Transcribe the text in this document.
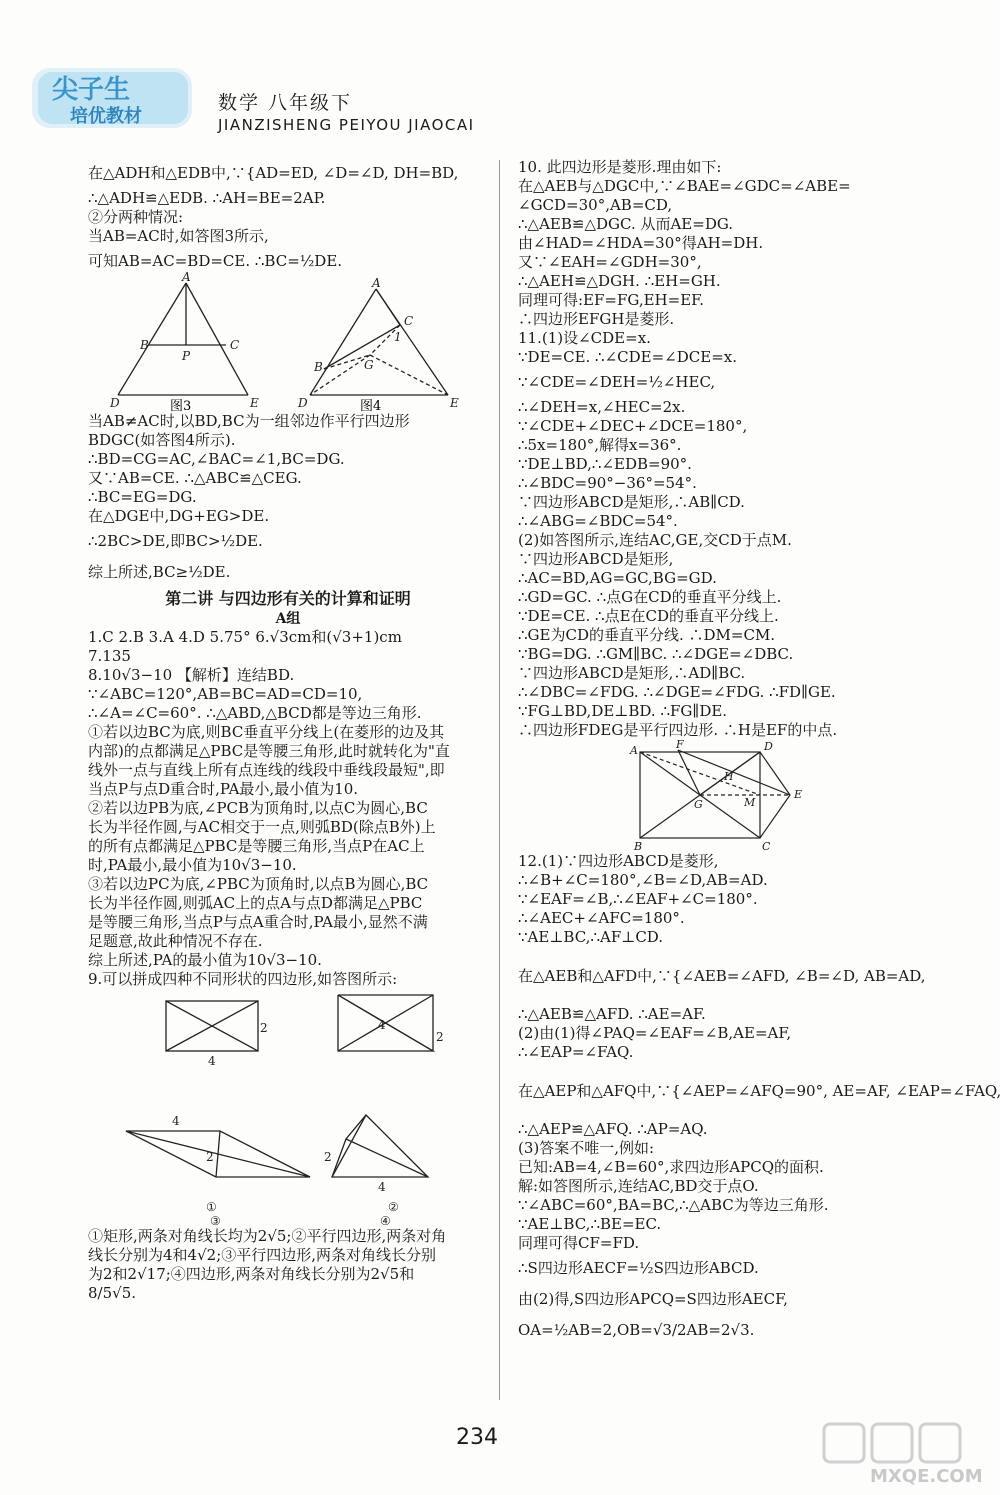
尖子生
培优教材
数学 八年级下
JIANZISHENG PEIYOU JIAOCAI
在△ADH和△EDB中,∵{AD=ED, ∠D=∠D, DH=BD,
∴△ADH≌△EDB. ∴AH=BE=2AP.
②分两种情况:
当AB=AC时,如答图3所示,
可知AB=AC=BD=CE. ∴BC=½DE.
A
B	C
P
D	E
图3
A
B
C
1
G
D	E
图4
当AB≠AC时,以BD,BC为一组邻边作平行四边形
BDGC(如答图4所示).
∴BD=CG=AC,∠BAC=∠1,BC=DG.
又∵AB=CE. ∴△ABC≌△CEG.
∴BC=EG=DG.
在△DGE中,DG+EG>DE.
∴2BC>DE,即BC>½DE.
综上所述,BC≥½DE.
第二讲 与四边形有关的计算和证明
A组
1.C 2.B 3.A 4.D 5.75° 6.√3cm和(√3+1)cm
7.135
8.10√3−10 【解析】连结BD.
∵∠ABC=120°,AB=BC=AD=CD=10,
∴∠A=∠C=60°. ∴△ABD,△BCD都是等边三角形.
①若以边BC为底,则BC垂直平分线上(在菱形的边及其
内部)的点都满足△PBC是等腰三角形,此时就转化为"直
线外一点与直线上所有点连线的线段中垂线段最短",即
当点P与点D重合时,PA最小,最小值为10.
②若以边PB为底,∠PCB为顶角时,以点C为圆心,BC
长为半径作圆,与AC相交于一点,则弧BD(除点B外)上
的所有点都满足△PBC是等腰三角形,当点P在AC上
时,PA最小,最小值为10√3−10.
③若以边PC为底,∠PBC为顶角时,以点B为圆心,BC
长为半径作圆,则弧AC上的点A与点D都满足△PBC
是等腰三角形,当点P与点A重合时,PA最小,显然不满
足题意,故此种情况不存在.
综上所述,PA的最小值为10√3−10.
9.可以拼成四种不同形状的四边形,如答图所示:
2
4
①
4
2
②
4
2
③
2
4
④
①矩形,两条对角线长均为2√5;②平行四边形,两条对角
线长分别为4和4√2;③平行四边形,两条对角线长分别
为2和2√17;④四边形,两条对角线长分别为2√5和
8/5√5.
10. 此四边形是菱形.理由如下:
在△AEB与△DGC中,∵∠BAE=∠GDC=∠ABE=
∠GCD=30°,AB=CD,
∴△AEB≌△DGC. 从而AE=DG.
由∠HAD=∠HDA=30°得AH=DH.
又∵∠EAH=∠GDH=30°,
∴△AEH≌△DGH. ∴EH=GH.
同理可得:EF=FG,EH=EF.
∴四边形EFGH是菱形.
11.(1)设∠CDE=x.
∵DE=CE. ∴∠CDE=∠DCE=x.
∵∠CDE=∠DEH=½∠HEC,
∴∠DEH=x,∠HEC=2x.
∵∠CDE+∠DEC+∠DCE=180°,
∴5x=180°,解得x=36°.
∵DE⊥BD,∴∠EDB=90°.
∴∠BDC=90°−36°=54°.
∵四边形ABCD是矩形,∴AB∥CD.
∴∠ABG=∠BDC=54°.
(2)如答图所示,连结AC,GE,交CD于点M.
∵四边形ABCD是矩形,
∴AC=BD,AG=GC,BG=GD.
∴GD=GC. ∴点G在CD的垂直平分线上.
∵DE=CE. ∴点E在CD的垂直平分线上.
∴GE为CD的垂直平分线. ∴DM=CM.
∵BG=DG. ∴GM∥BC. ∴∠DGE=∠DBC.
∵四边形ABCD是矩形,∴AD∥BC.
∴∠DBC=∠FDG. ∴∠DGE=∠FDG. ∴FD∥GE.
∵FG⊥BD,DE⊥BD. ∴FG∥DE.
∴四边形FDEG是平行四边形. ∴H是EF的中点.
A	F	D
H
E
G	M
B	C
12.(1)∵四边形ABCD是菱形,
∴∠B+∠C=180°,∠B=∠D,AB=AD.
∵∠EAF=∠B,∴∠EAF+∠C=180°.
∴∠AEC+∠AFC=180°.
∵AE⊥BC,∴AF⊥CD.
在△AEB和△AFD中,∵{∠AEB=∠AFD, ∠B=∠D, AB=AD,
∴△AEB≌△AFD. ∴AE=AF.
(2)由(1)得∠PAQ=∠EAF=∠B,AE=AF,
∴∠EAP=∠FAQ.
在△AEP和△AFQ中,∵{∠AEP=∠AFQ=90°, AE=AF, ∠EAP=∠FAQ,
∴△AEP≌△AFQ. ∴AP=AQ.
(3)答案不唯一,例如:
已知:AB=4,∠B=60°,求四边形APCQ的面积.
解:如答图所示,连结AC,BD交于点O.
∵∠ABC=60°,BA=BC,∴△ABC为等边三角形.
∵AE⊥BC,∴BE=EC.
同理可得CF=FD.
∴S四边形AECF=½S四边形ABCD.
由(2)得,S四边形APCQ=S四边形AECF,
OA=½AB=2,OB=√3/2AB=2√3.
234
MXQE.COM
